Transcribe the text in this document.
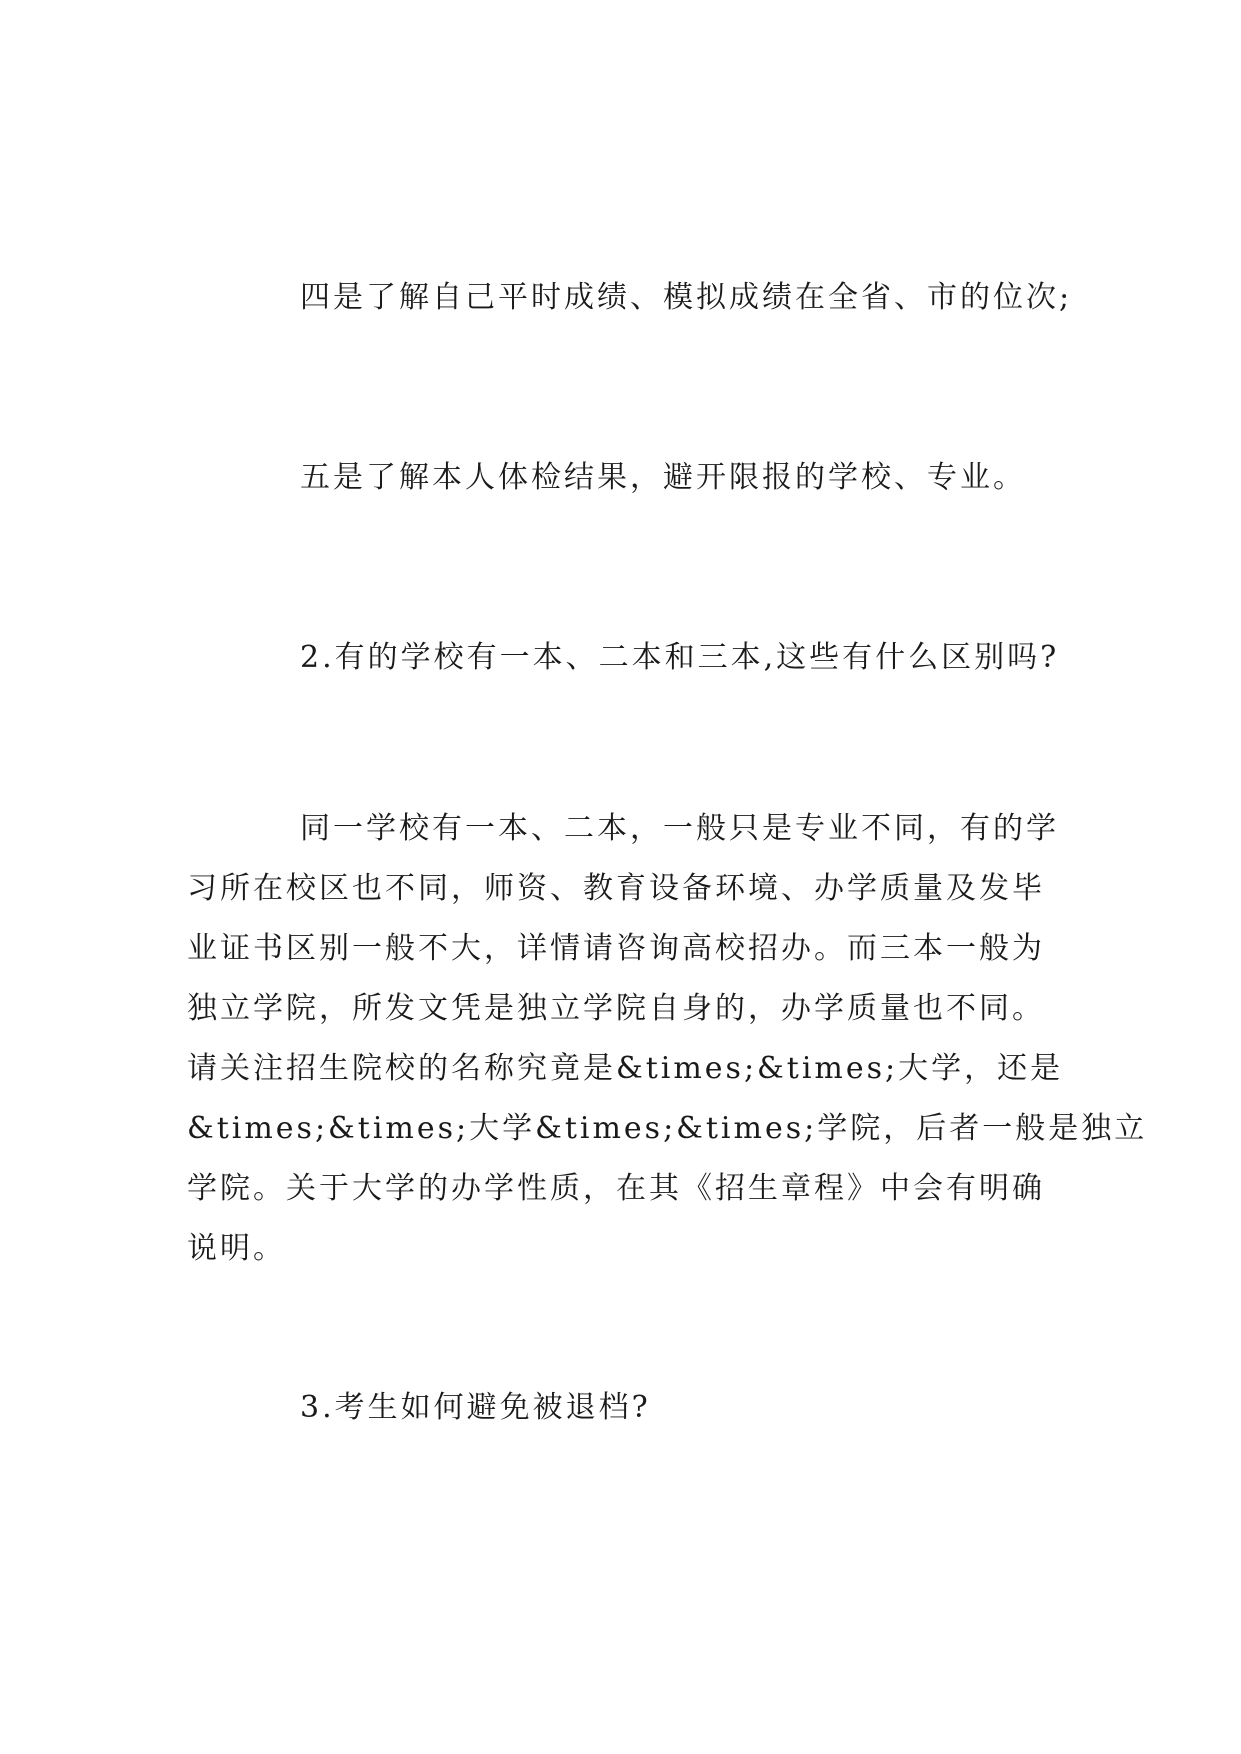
四是了解自己平时成绩、模拟成绩在全省、市的位次;
五是了解本人体检结果，避开限报的学校、专业。
2.有的学校有一本、二本和三本,这些有什么区别吗?
同一学校有一本、二本，一般只是专业不同，有的学
习所在校区也不同，师资、教育设备环境、办学质量及发毕
业证书区别一般不大，详情请咨询高校招办。而三本一般为
独立学院，所发文凭是独立学院自身的，办学质量也不同。
请关注招生院校的名称究竟是&times;&times;大学，还是
&times;&times;大学&times;&times;学院，后者一般是独立
学院。关于大学的办学性质，在其《招生章程》中会有明确
说明。
3.考生如何避免被退档?
